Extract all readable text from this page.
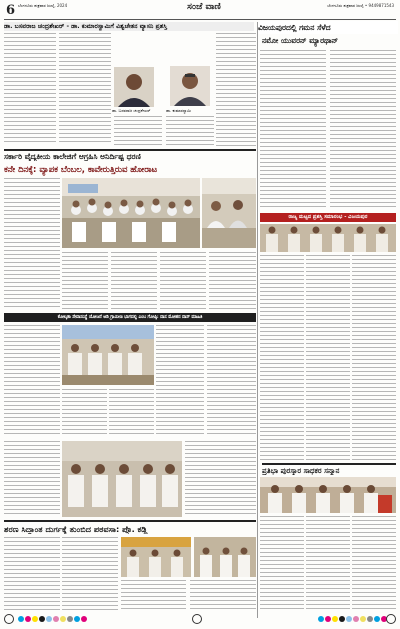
6 ಬೆಂಗಳೂರು ಶುಕ್ರವಾರ ಜುಲೈ, 2024	ಸಂಜೆ ವಾಣಿ	ಬೆಂಗಳೂರು ಶುಕ್ರವಾರ ಜುಲೈ • 9449871543
ಡಾ. ಬಸವರಾಜ ಚಂದ್ರಶೇಖರ್ - ಡಾ. ಕುಮಾರಸ್ವಾಮಿಗೆ ವಿಶ್ವಚೇತನ ವ್ಯಾಸನಿ ಪ್ರಶಸ್ತಿ
ಡಾ. ಬಸವರಾಜ ಚಂದ್ರಶೇಖರ್	ಡಾ. ಕುಮಾರಸ್ವಾಮಿ
ವಿಜಯಪುರದಲ್ಲಿ ಗಮನ ಸೆಳೆದ
ನಮೋ ಯುವರನ್ ಮ್ಯಾರಥಾನ್
ಸರ್ಕಾರಿ ವೈದ್ಯಕೀಯ ಕಾಲೇಜಿಗೆ ಆಗ್ರಹಿಸಿ ಅನಿರ್ದಿಷ್ಟ ಧರಣಿ
ಕನೇ ದಿನಕ್ಕೆ: ವ್ಯಾಪಕ ಬೆಂಬಲ, ಕಾವೇರುತ್ತಿರುವ ಹೋರಾಟ
ರಾಜ್ಯ ಮಟ್ಟದ ಪ್ರಶಸ್ತಿ ಸಮಾರಂಭ - ವಿಜಯಪುರ
ಕೋಲ್ಕತಾ ಸೇವಾಸಂಸ್ಥೆ ಯೋಜನೆ ಅಡಿ ಗ್ರಾಮೀಣ ಭಾಗದಲ್ಲಿ ಎಂಬ ಗೋಷ್ಠಿ: ದಾಸ ಮೋಹನ ದಾಸ್ ಮಾಹಿತಿ
ಪ್ರತಿಭಾ ಪುರಸ್ಕಾರ ಸಾಧಕರ ಸನ್ಮಾನ
ಶರಣ ಸಿದ್ಧಾಂತ ದುರ್ಗಕ್ಕೆ ತುಂಬಿದ ಪಠವಸಾ: ಪ್ರೊ. ಕಡ್ಲಿ
